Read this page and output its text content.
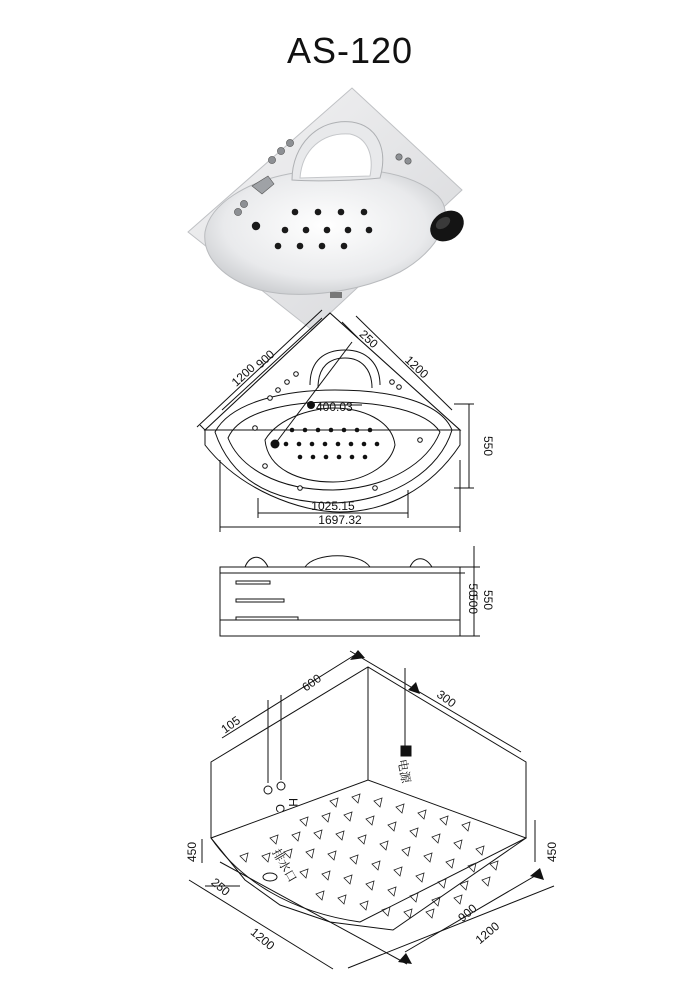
AS-120
1200
900
250
1200
400.03
550
1025.15
1697.32
500
50 550
600
300
105
C
H
电源
排水口
450	450
250
1200
900
1200
